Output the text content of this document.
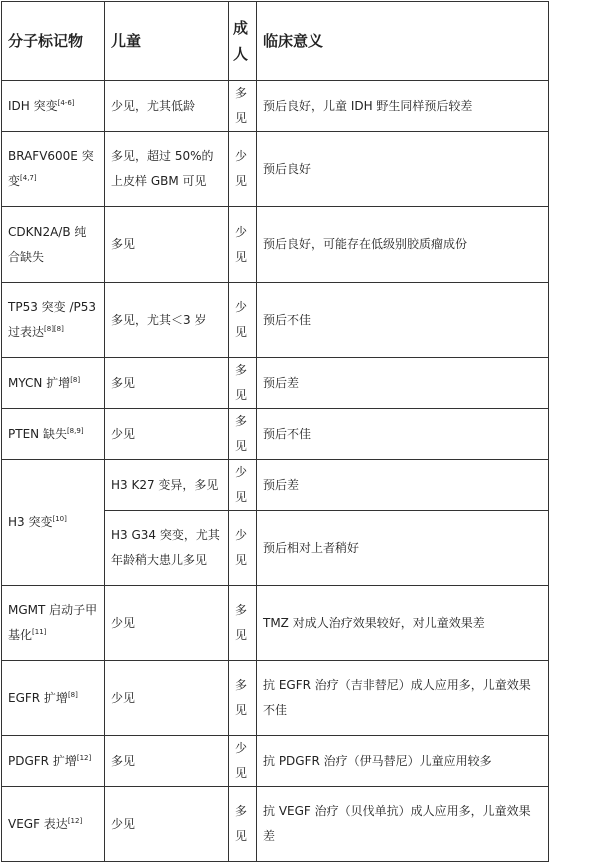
分子标记物	儿童	成人	临床意义
IDH 突变[4-6]	少见，尤其低龄	多见	预后良好，儿童 IDH 野生同样预后较差
BRAFV600E 突变[4,7]	多见，超过 50%的上皮样 GBM 可见	少见	预后良好
CDKN2A/B 纯合缺失	多见	少见	预后良好，可能存在低级别胶质瘤成份
TP53 突变 /P53 过表达[8][8]	多见，尤其＜3 岁	少见	预后不佳
MYCN 扩增[8]	多见	多见	预后差
PTEN 缺失[8,9]	少见	多见	预后不佳
H3 突变[10]	H3 K27 变异，多见	少见	预后差
	H3 G34 突变，尤其年龄稍大患儿多见	少见	预后相对上者稍好
MGMT 启动子甲基化[11]	少见	多见	TMZ 对成人治疗效果较好，对儿童效果差
EGFR 扩增[8]	少见	多见	抗 EGFR 治疗（吉非替尼）成人应用多，儿童效果不佳
PDGFR 扩增[12]	多见	少见	抗 PDGFR 治疗（伊马替尼）儿童应用较多
VEGF 表达[12]	少见	多见	抗 VEGF 治疗（贝伐单抗）成人应用多，儿童效果差
